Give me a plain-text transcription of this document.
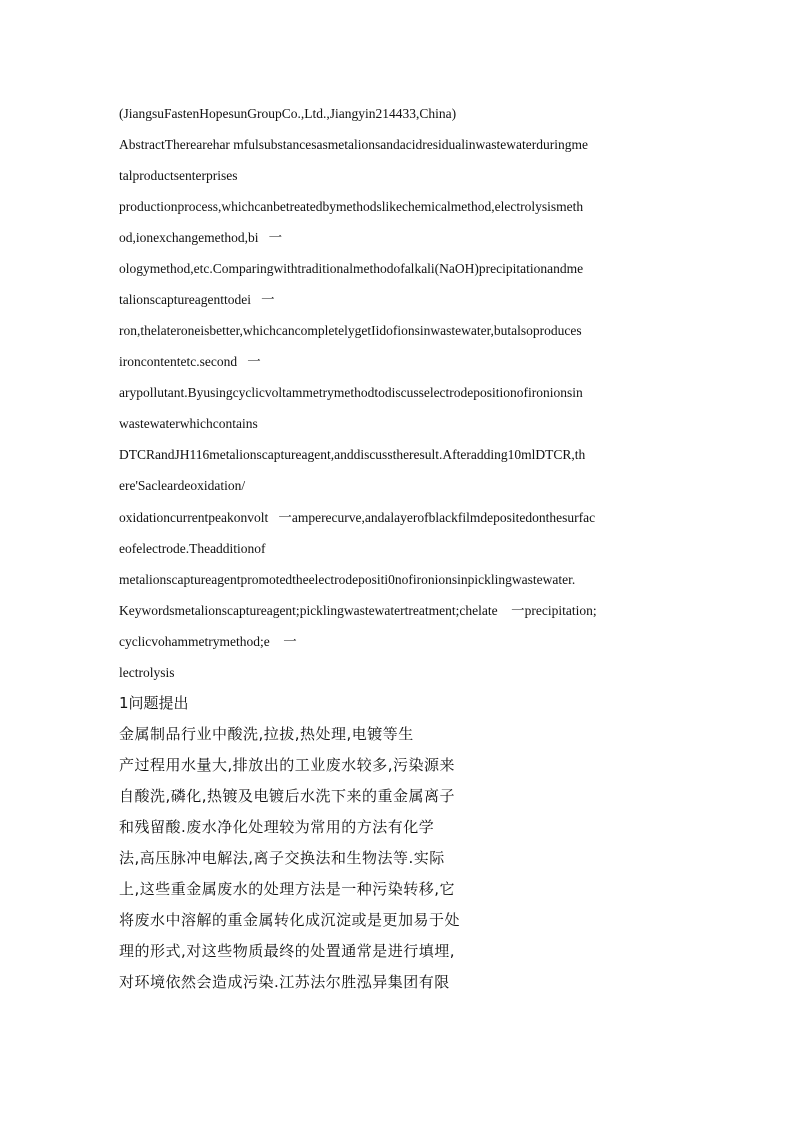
(JiangsuFastenHopesunGroupCo.,Ltd.,Jiangyin214433,China)
AbstractTherearehar mfulsubstancesasmetalionsandacidresidualinwastewaterduringme
talproductsenterprises
productionprocess,whichcanbetreatedbymethodslikechemicalmethod,electrolysismeth
od,ionexchangemethod,bi   一
ologymethod,etc.Comparingwithtraditionalmethodofalkali(NaOH)precipitationandme
talionscaptureagenttodei   一
ron,thelateroneisbetter,whichcancompletelygetIidofionsinwastewater,butalsoproduces
ironcontentetc.second   一
arypollutant.Byusingcyclicvoltammetrymethodtodiscusselectrodepositionofironionsin
wastewaterwhichcontains
DTCRandJH116metalionscaptureagent,anddiscusstheresult.Afteradding10mlDTCR,th
ere'Sacleardeoxidation/
oxidationcurrentpeakonvolt   一amperecurve,andalayerofblackfilmdepositedonthesurfac
eofelectrode.Theadditionof
metalionscaptureagentpromotedtheelectrodepositi0nofironionsinpicklingwastewater.
Keywordsmetalionscaptureagent;picklingwastewatertreatment;chelate    一precipitation;
cyclicvohammetrymethod;e    一
lectrolysis
1问题提出
金属制品行业中酸洗,拉拔,热处理,电镀等生
产过程用水量大,排放出的工业废水较多,污染源来
自酸洗,磷化,热镀及电镀后水洗下来的重金属离子
和残留酸.废水净化处理较为常用的方法有化学
法,高压脉冲电解法,离子交换法和生物法等.实际
上,这些重金属废水的处理方法是一种污染转移,它
将废水中溶解的重金属转化成沉淀或是更加易于处
理的形式,对这些物质最终的处置通常是进行填埋,
对环境依然会造成污染.江苏法尔胜泓异集团有限
